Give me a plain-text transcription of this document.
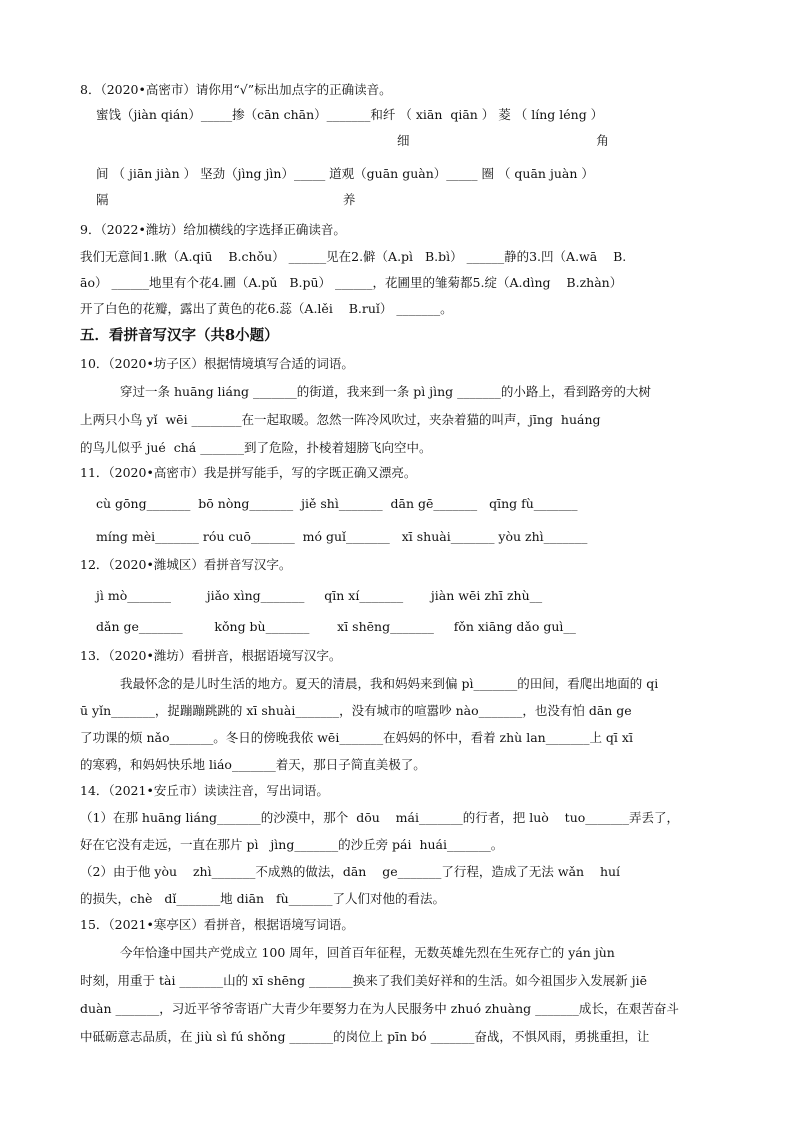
8．（2020•高密市）请你用“√”标出加点字的正确读音。
蜜饯（jiàn qián）_____掺（cān chān）_______和纤 （ xiān  qiān ） 菱 （ líng léng ）
细                                               角
间 （ jiān jiàn ） 坚劲（jìng jìn）_____ 道观（guān guàn）_____ 圈 （ quān juàn ）
隔                                                           养
9．（2022•潍坊）给加横线的字选择正确读音。
我们无意间1.瞅（A.qiū    B.chǒu） ______见在2.僻（A.pì   B.bì） ______静的3.凹（A.wā    B.
āo） ______地里有个花4.圃（A.pǔ   B.pū） ______，花圃里的雏菊都5.绽（A.dìng    B.zhàn）
开了白色的花瓣，露出了黄色的花6.蕊（A.lěi    B.ruǐ） _______。
五．看拼音写汉字（共8小题）
10．（2020•坊子区）根据情境填写合适的词语。
穿过一条 huāng liáng _______的街道，我来到一条 pì jìng _______的小路上，看到路旁的大树
上两只小鸟 yǐ  wēi ________在一起取暖。忽然一阵冷风吹过，夹杂着猫的叫声，jīng  huáng
的鸟儿似乎 jué  chá _______到了危险，扑棱着翅膀飞向空中。
11．（2020•高密市）我是拼写能手，写的字既正确又漂亮。
cù gōng_______  bō nòng_______  jiě shì_______  dān gē_______   qīng fù_______
míng mèi_______ róu cuō_______  mó guǐ_______   xī shuài_______ yòu zhì_______
12．（2020•潍城区）看拼音写汉字。
jì mò_______         jiǎo xìng_______     qīn xí_______       jiàn wēi zhī zhù__
dǎn ge_______        kǒng bù_______       xī shēng_______     fǒn xiāng dǎo guì__
13．（2020•潍坊）看拼音，根据语境写汉字。
我最怀念的是儿时生活的地方。夏天的清晨，我和妈妈来到偏 pì_______的田间，看爬出地面的 qi
ū yǐn_______，捉蹦蹦跳跳的 xī shuài_______，没有城市的喧嚣吵 nào_______，也没有怕 dān ge
了功课的烦 nǎo_______。冬日的傍晚我依 wēi_______在妈妈的怀中，看着 zhù lan_______上 qī xī
的寒鸦，和妈妈快乐地 liáo_______着天，那日子简直美极了。
14．（2021•安丘市）读读注音，写出词语。
（1）在那 huāng liáng_______的沙漠中，那个  dōu    mái_______的行者，把 luò    tuo_______弄丢了，
好在它没有走远，一直在那片 pì   jìng_______的沙丘旁 pái  huái_______。
（2）由于他 yòu    zhì_______不成熟的做法，dān    ge_______了行程，造成了无法 wǎn    huí
的损失，chè   dǐ_______地 diān   fù_______了人们对他的看法。
15．（2021•寒亭区）看拼音，根据语境写词语。
今年恰逢中国共产党成立 100 周年，回首百年征程，无数英雄先烈在生死存亡的 yán jùn
时刻，用重于 tài _______山的 xī shēng _______换来了我们美好祥和的生活。如今祖国步入发展新 jiē
duàn _______，习近平爷爷寄语广大青少年要努力在为人民服务中 zhuó zhuàng _______成长，在艰苦奋斗
中砥砺意志品质，在 jiù sì fú shǒng _______的岗位上 pīn bó _______奋战，不惧风雨，勇挑重担，让
